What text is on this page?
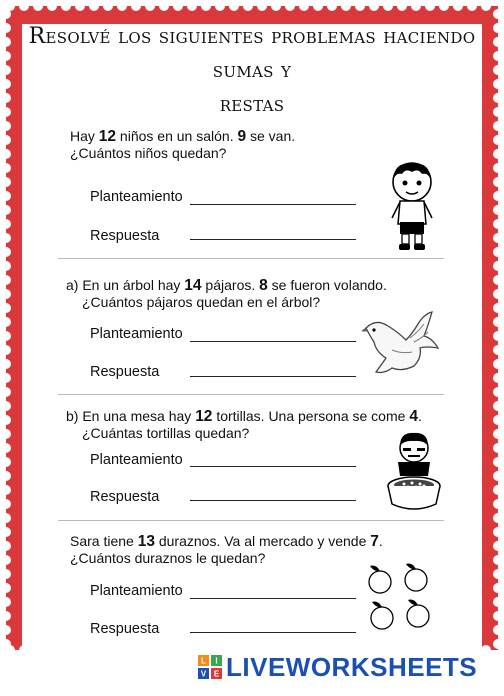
Resolvé los siguientes problemas haciendo sumas y
restas
Hay 12 niños en un salón. 9 se van.
¿Cuántos niños quedan?
Planteamiento
Respuesta
a) En un árbol hay 14 pájaros. 8 se fueron volando.
¿Cuántos pájaros quedan en el árbol?
Planteamiento
Respuesta
b) En una mesa hay 12 tortillas. Una persona se come 4.
¿Cuántas tortillas quedan?
Planteamiento
Respuesta
Sara tiene 13 duraznos. Va al mercado y vende 7.
¿Cuántos duraznos le quedan?
Planteamiento
Respuesta
L I
V E LIVEWORKSHEETS
